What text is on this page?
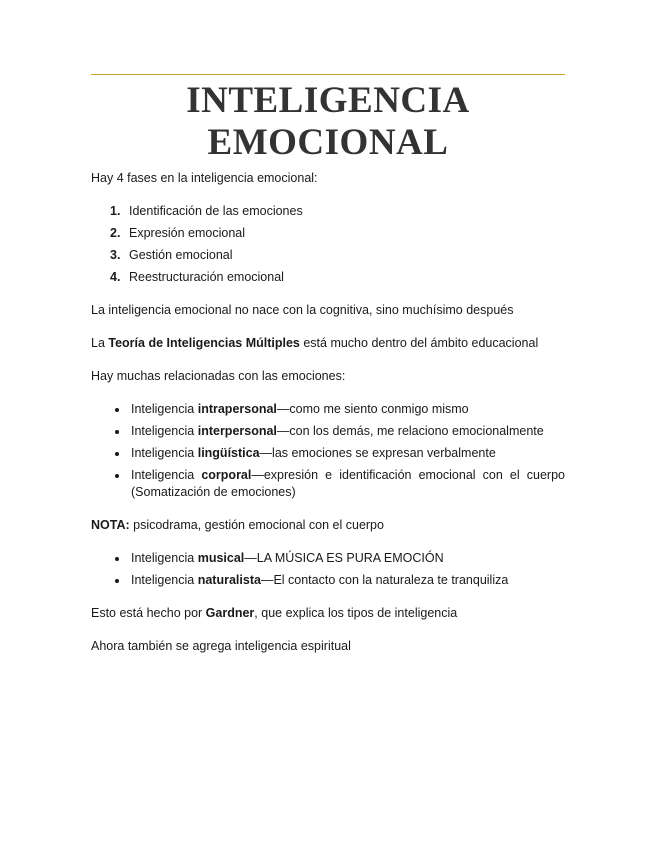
INTELIGENCIA
EMOCIONAL

Hay 4 fases en la inteligencia emocional:

1. Identificación de las emociones
2. Expresión emocional
3. Gestión emocional
4. Reestructuración emocional

La inteligencia emocional no nace con la cognitiva, sino muchísimo después

La Teoría de Inteligencias Múltiples está mucho dentro del ámbito educacional

Hay muchas relacionadas con las emociones:

• Inteligencia intrapersonal—como me siento conmigo mismo
• Inteligencia interpersonal—con los demás, me relaciono emocionalmente
• Inteligencia lingüística—las emociones se expresan verbalmente
• Inteligencia corporal—expresión e identificación emocional con el cuerpo (Somatización de emociones)

NOTA: psicodrama, gestión emocional con el cuerpo

• Inteligencia musical—LA MÚSICA ES PURA EMOCIÓN
• Inteligencia naturalista—El contacto con la naturaleza te tranquiliza

Esto está hecho por Gardner, que explica los tipos de inteligencia

Ahora también se agrega inteligencia espiritual
